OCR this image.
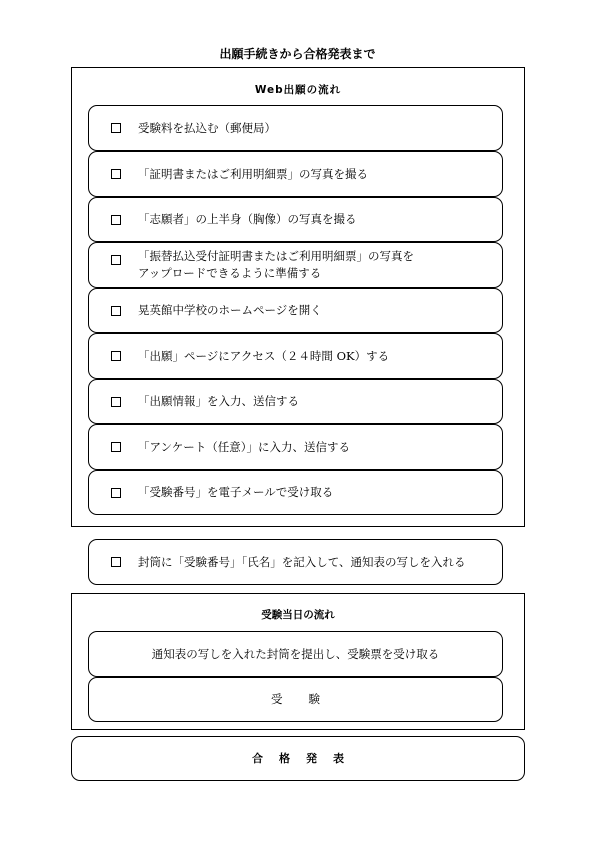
出願手続きから合格発表まで
Web出願の流れ
受験料を払込む（郵便局）
「証明書またはご利用明細票」の写真を撮る
「志願者」の上半身（胸像）の写真を撮る
「振替払込受付証明書またはご利用明細票」の写真を
アップロードできるように準備する
晃英館中学校のホームページを開く
「出願」ページにアクセス（２４時間 OK）する
「出願情報」を入力、送信する
「アンケート（任意）」に入力、送信する
「受験番号」を電子メールで受け取る
封筒に「受験番号」「氏名」を記入して、通知表の写しを入れる
受験当日の流れ
通知表の写しを入れた封筒を提出し、受験票を受け取る
受験
合格発表
